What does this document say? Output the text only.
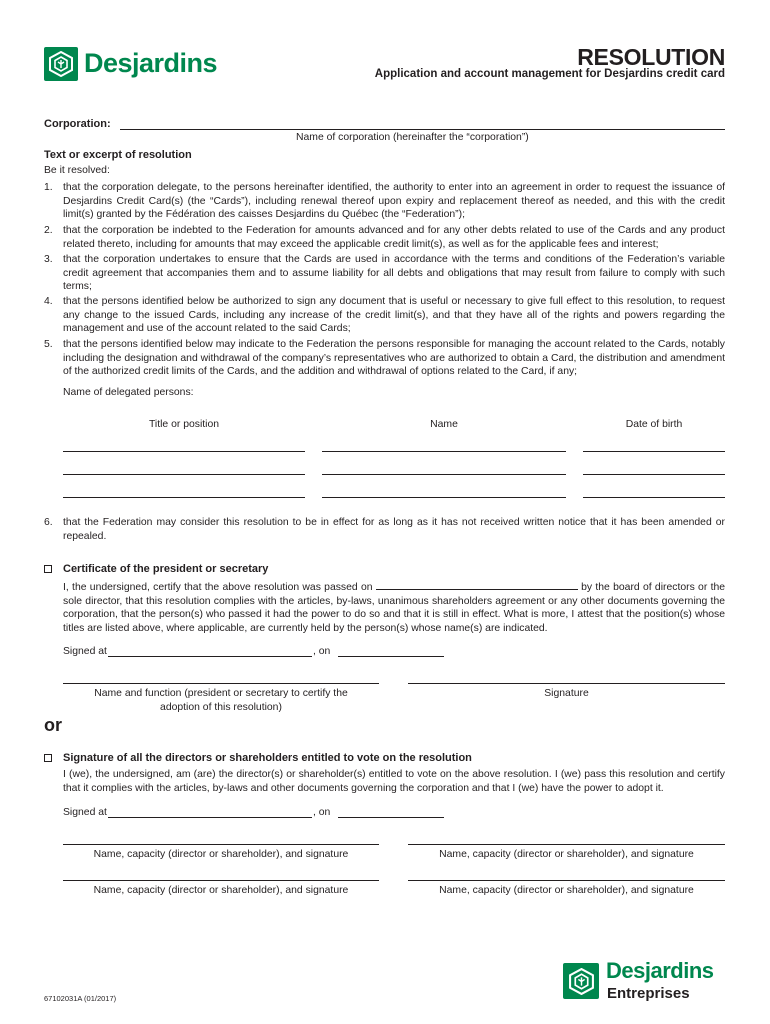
Desjardins	RESOLUTION
Application and account management for Desjardins credit card
Corporation:
Name of corporation (hereinafter the “corporation”)
Text or excerpt of resolution
Be it resolved:
1. that the corporation delegate, to the persons hereinafter identified, the authority to enter into an agreement in order to request the issuance of Desjardins Credit Card(s) (the “Cards”), including renewal thereof upon expiry and replacement thereof as needed, and this with the credit limit(s) granted by the Fédération des caisses Desjardins du Québec (the “Federation”);
2. that the corporation be indebted to the Federation for amounts advanced and for any other debts related to use of the Cards and any product related thereto, including for amounts that may exceed the applicable credit limit(s), as well as for the applicable fees and interest;
3. that the corporation undertakes to ensure that the Cards are used in accordance with the terms and conditions of the Federation’s variable credit agreement that accompanies them and to assume liability for all debts and obligations that may result from failure to comply with such terms;
4. that the persons identified below be authorized to sign any document that is useful or necessary to give full effect to this resolution, to request any change to the issued Cards, including any increase of the credit limit(s), and that they have all of the rights and powers regarding the management and use of the account related to the said Cards;
5. that the persons identified below may indicate to the Federation the persons responsible for managing the account related to the Cards, notably including the designation and withdrawal of the company’s representatives who are authorized to obtain a Card, the distribution and amendment of the authorized credit limits of the Cards, and the addition and withdrawal of options related to the Card, if any;
Name of delegated persons:
Title or position	Name	Date of birth
6. that the Federation may consider this resolution to be in effect for as long as it has not received written notice that it has been amended or repealed.
Certificate of the president or secretary
I, the undersigned, certify that the above resolution was passed on	by the board of directors or the sole director, that this resolution complies with the articles, by-laws, unanimous shareholders agreement or any other documents governing the corporation, that the person(s) who passed it had the power to do so and that it is still in effect. What is more, I attest that the position(s) whose titles are listed above, where applicable, are currently held by the person(s) whose name(s) are indicated.
Signed at	, on
Name and function (president or secretary to certify the adoption of this resolution)
Signature
or
Signature of all the directors or shareholders entitled to vote on the resolution
I (we), the undersigned, am (are) the director(s) or shareholder(s) entitled to vote on the above resolution. I (we) pass this resolution and certify that it complies with the articles, by-laws and other documents governing the corporation and that I (we) have the power to adopt it.
Signed at	, on
Name, capacity (director or shareholder), and signature	Name, capacity (director or shareholder), and signature
Name, capacity (director or shareholder), and signature	Name, capacity (director or shareholder), and signature
67102031A (01/2017)
Desjardins
Entreprises
